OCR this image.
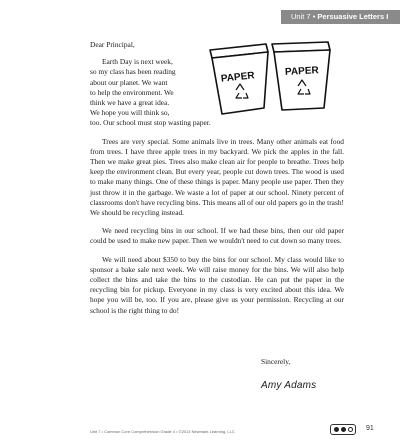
Unit 7 • Persuasive Letters I
PAPER	PAPER

Dear Principal,

Earth Day is next week,

so my class has been reading

about our planet. We want

to help the environment. We

think we have a great idea.

We hope you will think so,

too. Our school must stop wasting paper.

Trees are very special. Some animals live in trees. Many other animals eat food from trees. I have three apple trees in my backyard. We pick the apples in the fall. Then we make great pies. Trees also make clean air for people to breathe. Trees help keep the environment clean. But every year, people cut down trees. The wood is used to make many things. One of these things is paper. Many people use paper. Then they just throw it in the garbage. We waste a lot of paper at our school. Ninety percent of classrooms don't have recycling bins. This means all of our old papers go in the trash! We should be recycling instead.

We need recycling bins in our school. If we had these bins, then our old paper could be used to make new paper. Then we wouldn't need to cut down so many trees.

We will need about $350 to buy the bins for our school. My class would like to sponsor a bake sale next week. We will raise money for the bins. We will also help collect the bins and take the bins to the custodian. He can put the paper in the recycling bin for pickup. Everyone in my class is very excited about this idea. We hope you will be, too. If you are, please give us your permission. Recycling at our school is the right thing to do!

Sincerely,
Amy Adams
Unit 7 • Common Core Comprehension Grade 4 • ©2013 Newmark Learning, LLC	91
